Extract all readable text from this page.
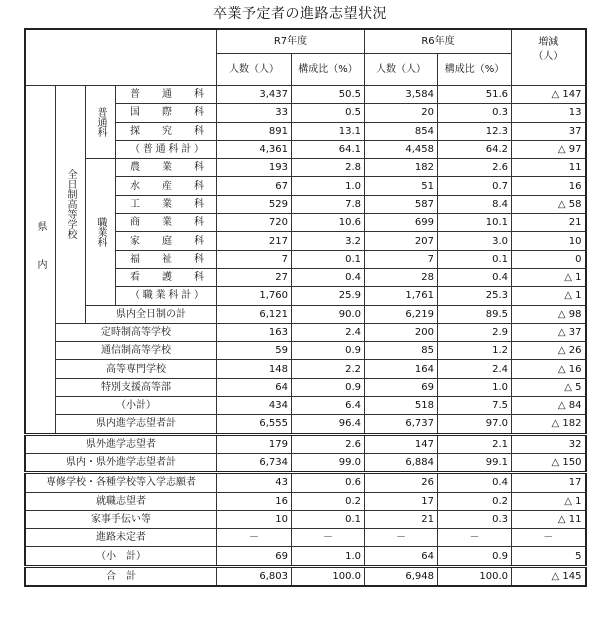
卒業予定者の進路志望状況
				R7年度		R6年度		増減
（人）

				人数（人）	構成比（%）	人数（人）	構成比（%）	
県内	全日制高等学校	普通科	普通科	3,437	50.5	3,584	51.6	△ 147
			国際科	33	0.5	20	0.3	13
			探究科	891	13.1	854	12.3	37
			（普通科計）	4,361	64.1	4,458	64.2	△ 97
		職業科	農業科	193	2.8	182	2.6	11
			水産科	67	1.0	51	0.7	16
			工業科	529	7.8	587	8.4	△ 58
			商業科	720	10.6	699	10.1	21
			家庭科	217	3.2	207	3.0	10
			福祉科	7	0.1	7	0.1	0
			看護科	27	0.4	28	0.4	△ 1
			（職業科計）	1,760	25.9	1,761	25.3	△ 1
		県内全日制の計		6,121	90.0	6,219	89.5	△ 98
	定時制高等学校			163	2.4	200	2.9	△ 37
	通信制高等学校			59	0.9	85	1.2	△ 26
	高等専門学校			148	2.2	164	2.4	△ 16
	特別支援高等部			64	0.9	69	1.0	△ 5
	（小計）			434	6.4	518	7.5	△ 84
	県内進学志望者計			6,555	96.4	6,737	97.0	△ 182
県外進学志望者				179	2.6	147	2.1	32
県内・県外進学志望者計				6,734	99.0	6,884	99.1	△ 150
専修学校・各種学校等入学志願者				43	0.6	26	0.4	17
就職志望者				16	0.2	17	0.2	△ 1
家事手伝い等				10	0.1	21	0.3	△ 11
進路未定者				－	－	－	－	－
（小　計）				69	1.0	64	0.9	5
合　計				6,803	100.0	6,948	100.0	△ 145
